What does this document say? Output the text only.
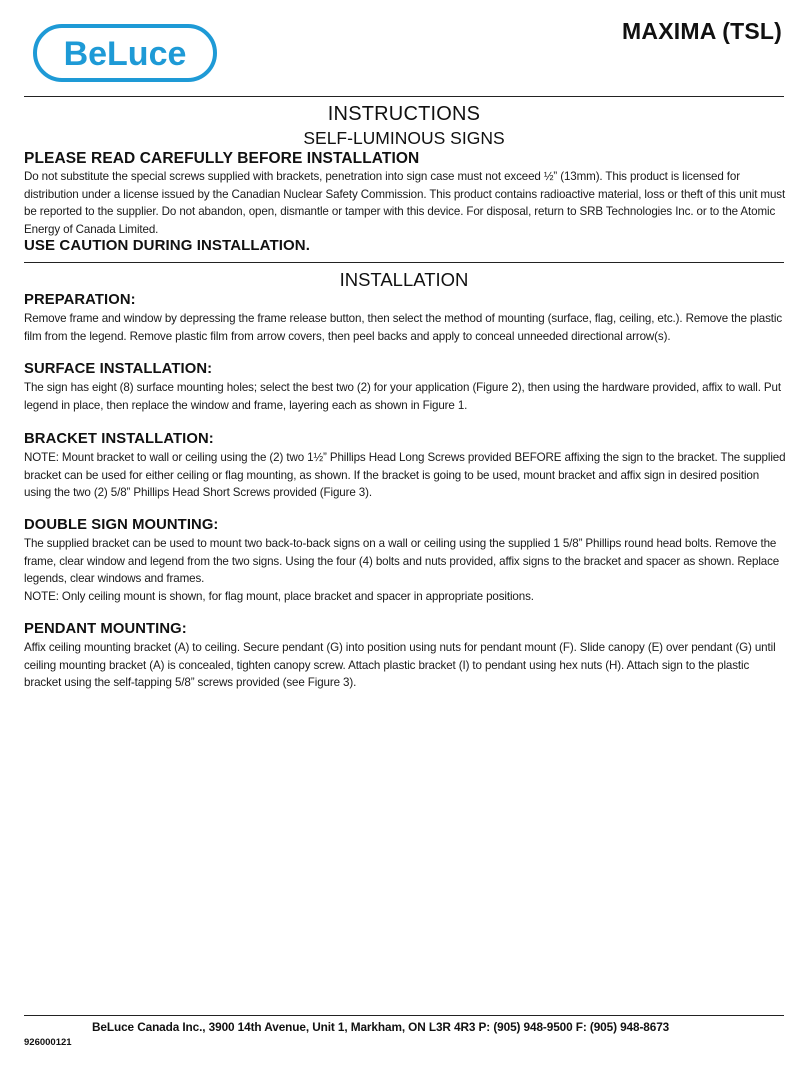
BeLuce
MAXIMA (TSL)
INSTRUCTIONS
SELF-LUMINOUS SIGNS
PLEASE READ CAREFULLY BEFORE INSTALLATION

Do not substitute the special screws supplied with brackets, penetration into sign case must not exceed ½” (13mm). This product is licensed for distribution under a license issued by the Canadian Nuclear Safety Commission. This product contains radioactive material, loss or theft of this unit must be reported to the supplier. Do not abandon, open, dismantle or tamper with this device. For disposal, return to SRB Technologies Inc. or to the Atomic Energy of Canada Limited.

USE CAUTION DURING INSTALLATION.
INSTALLATION
PREPARATION:

Remove frame and window by depressing the frame release button, then select the method of mounting (surface, flag, ceiling, etc.). Remove the plastic film from the legend. Remove plastic film from arrow covers, then peel backs and apply to conceal unneeded directional arrow(s).

SURFACE INSTALLATION:

The sign has eight (8) surface mounting holes; select the best two (2) for your application (Figure 2), then using the hardware provided, affix to wall. Put legend in place, then replace the window and frame, layering each as shown in Figure 1.

BRACKET INSTALLATION:

NOTE: Mount bracket to wall or ceiling using the (2) two 1½” Phillips Head Long Screws provided BEFORE affixing the sign to the bracket. The supplied bracket can be used for either ceiling or flag mounting, as shown. If the bracket is going to be used, mount bracket and affix sign in desired position using the two (2) 5/8” Phillips Head Short Screws provided (Figure 3).

DOUBLE SIGN MOUNTING:

The supplied bracket can be used to mount two back-to-back signs on a wall or ceiling using the supplied 1 5/8” Phillips round head bolts. Remove the frame, clear window and legend from the two signs. Using the four (4) bolts and nuts provided, affix signs to the bracket and spacer as shown. Replace legends, clear windows and frames.

NOTE: Only ceiling mount is shown, for flag mount, place bracket and spacer in appropriate positions.

PENDANT MOUNTING:

Affix ceiling mounting bracket (A) to ceiling. Secure pendant (G) into position using nuts for pendant mount (F). Slide canopy (E) over pendant (G) until ceiling mounting bracket (A) is concealed, tighten canopy screw. Attach plastic bracket (I) to pendant using hex nuts (H). Attach sign to the plastic bracket using the self-tapping 5/8” screws provided (see Figure 3).

BeLuce Canada Inc., 3900 14th Avenue, Unit 1, Markham, ON L3R 4R3 P: (905) 948-9500 F: (905) 948-8673
926000121
